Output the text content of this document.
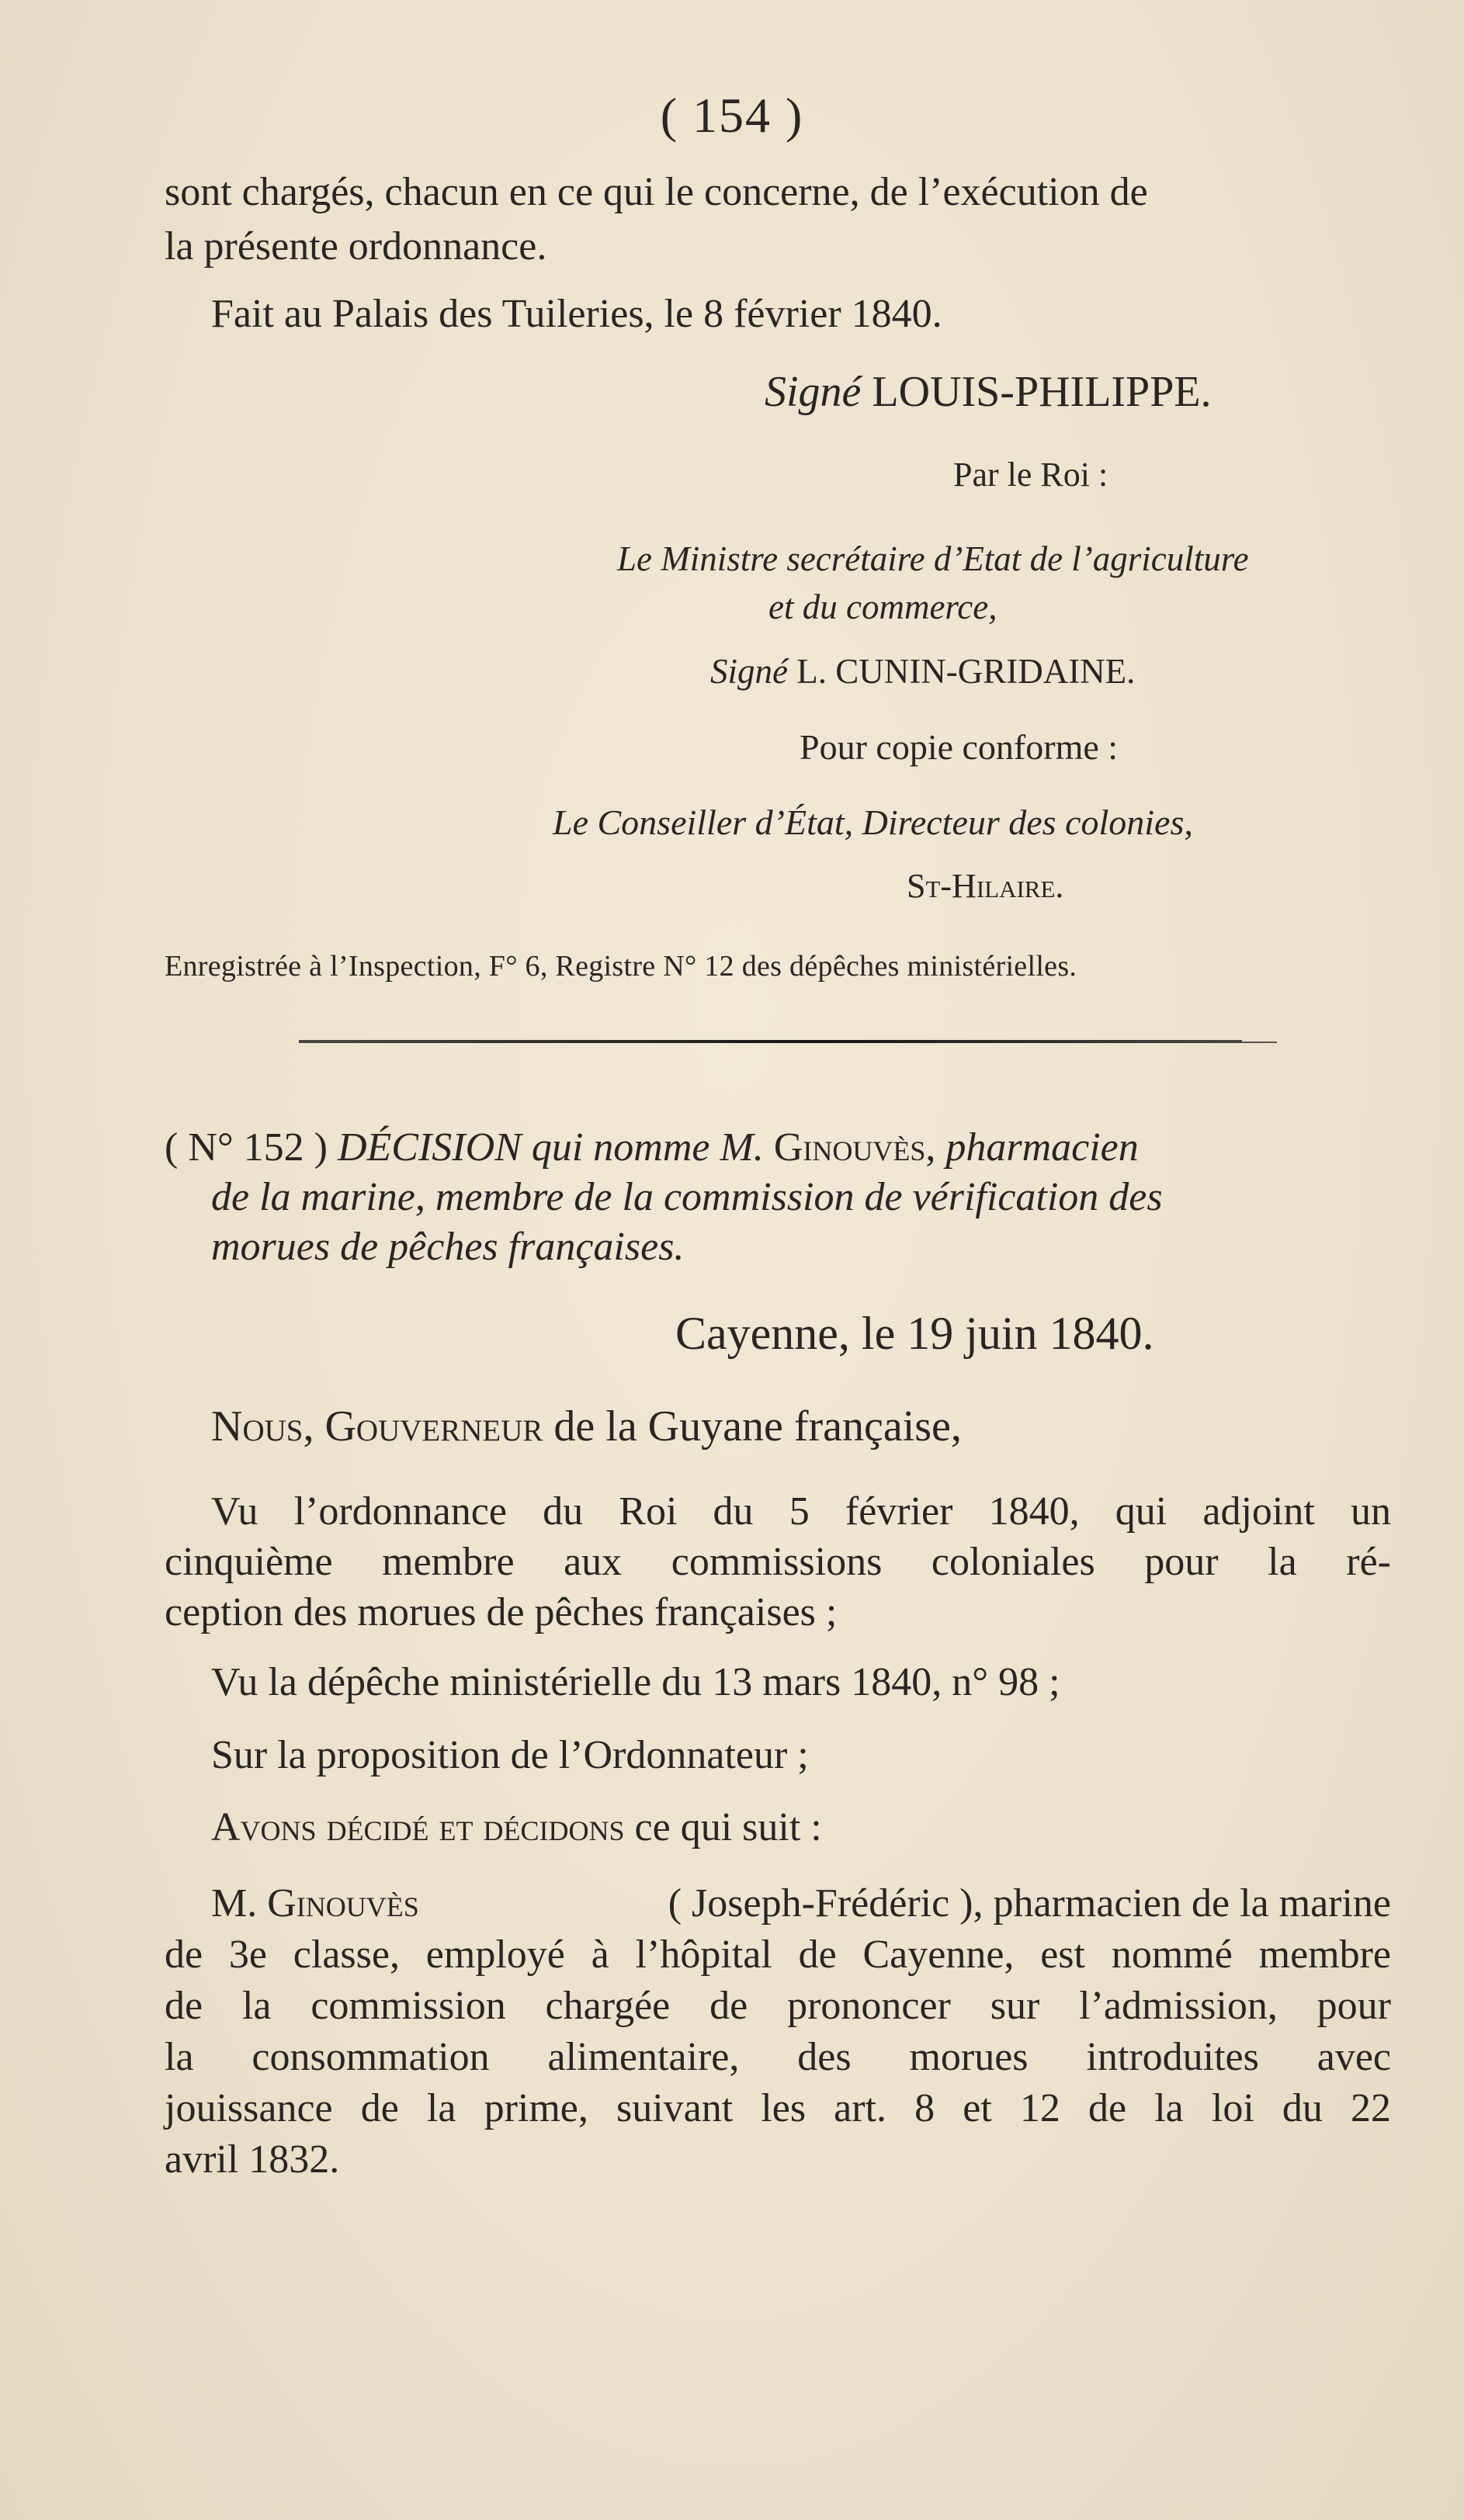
( 154 )
sont chargés, chacun en ce qui le concerne, de l’exécution de
la présente ordonnance.
Fait au Palais des Tuileries, le 8 février 1840.
Signé LOUIS-PHILIPPE.
Par le Roi :
Le Ministre secrétaire d’Etat de l’agriculture
et du commerce,
Signé L. CUNIN-GRIDAINE.
Pour copie conforme :
Le Conseiller d’État, Directeur des colonies,
St-Hilaire.
Enregistrée à l’Inspection, F° 6, Registre N° 12 des dépêches ministérielles.
( N° 152 ) DÉCISION qui nomme M. Ginouvès, pharmacien
de la marine, membre de la commission de vérification des
morues de pêches françaises.
Cayenne, le 19 juin 1840.
Nous, Gouverneur de la Guyane française,
Vu l’ordonnance du Roi du 5 février 1840, qui adjoint un
cinquième membre aux commissions coloniales pour la ré-
ception des morues de pêches françaises ;
Vu la dépêche ministérielle du 13 mars 1840, n° 98 ;
Sur la proposition de l’Ordonnateur ;
Avons décidé et décidons ce qui suit :
M. Ginouvès	( Joseph-Frédéric ), pharmacien de la marine
de 3e classe, employé à l’hôpital de Cayenne, est nommé membre
de la commission chargée de prononcer sur l’admission, pour
la consommation alimentaire, des morues introduites avec
jouissance de la prime, suivant les art. 8 et 12 de la loi du 22
avril 1832.
